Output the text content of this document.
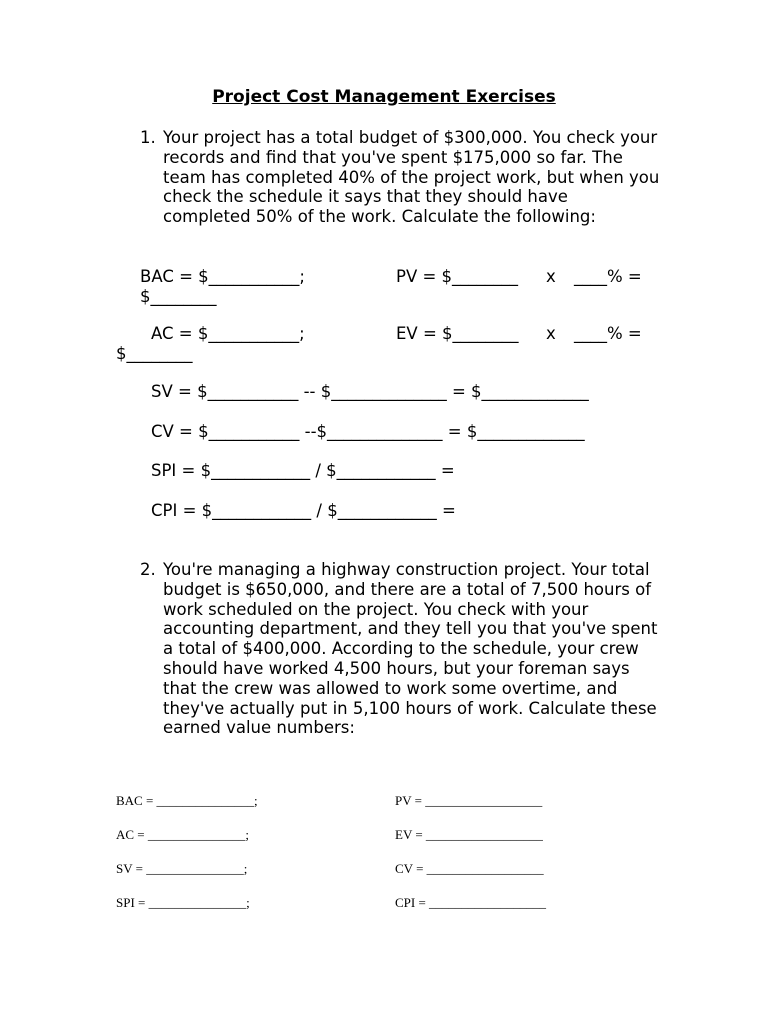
Project Cost Management Exercises
1. Your project has a total budget of $300,000. You check your records and find that you've spent $175,000 so far. The team has completed 40% of the project work, but when you check the schedule it says that they should have completed 50% of the work. Calculate the following:
BAC = $___________;	PV = $________ x ____% =
$________
AC = $___________;	EV = $________ x ____% =
$________
SV = $___________ -- $______________ = $_____________
CV = $___________ --$______________ = $_____________
SPI = $____________ / $____________ =
CPI = $____________ / $____________ =
2. You're managing a highway construction project. Your total budget is $650,000, and there are a total of 7,500 hours of work scheduled on the project. You check with your accounting department, and they tell you that you've spent a total of $400,000. According to the schedule, your crew should have worked 4,500 hours, but your foreman says that the crew was allowed to work some overtime, and they've actually put in 5,100 hours of work. Calculate these earned value numbers:
BAC = _______________;	PV = __________________
AC = _______________;	EV = __________________
SV = _______________;	CV = __________________
SPI = _______________;	CPI = __________________
